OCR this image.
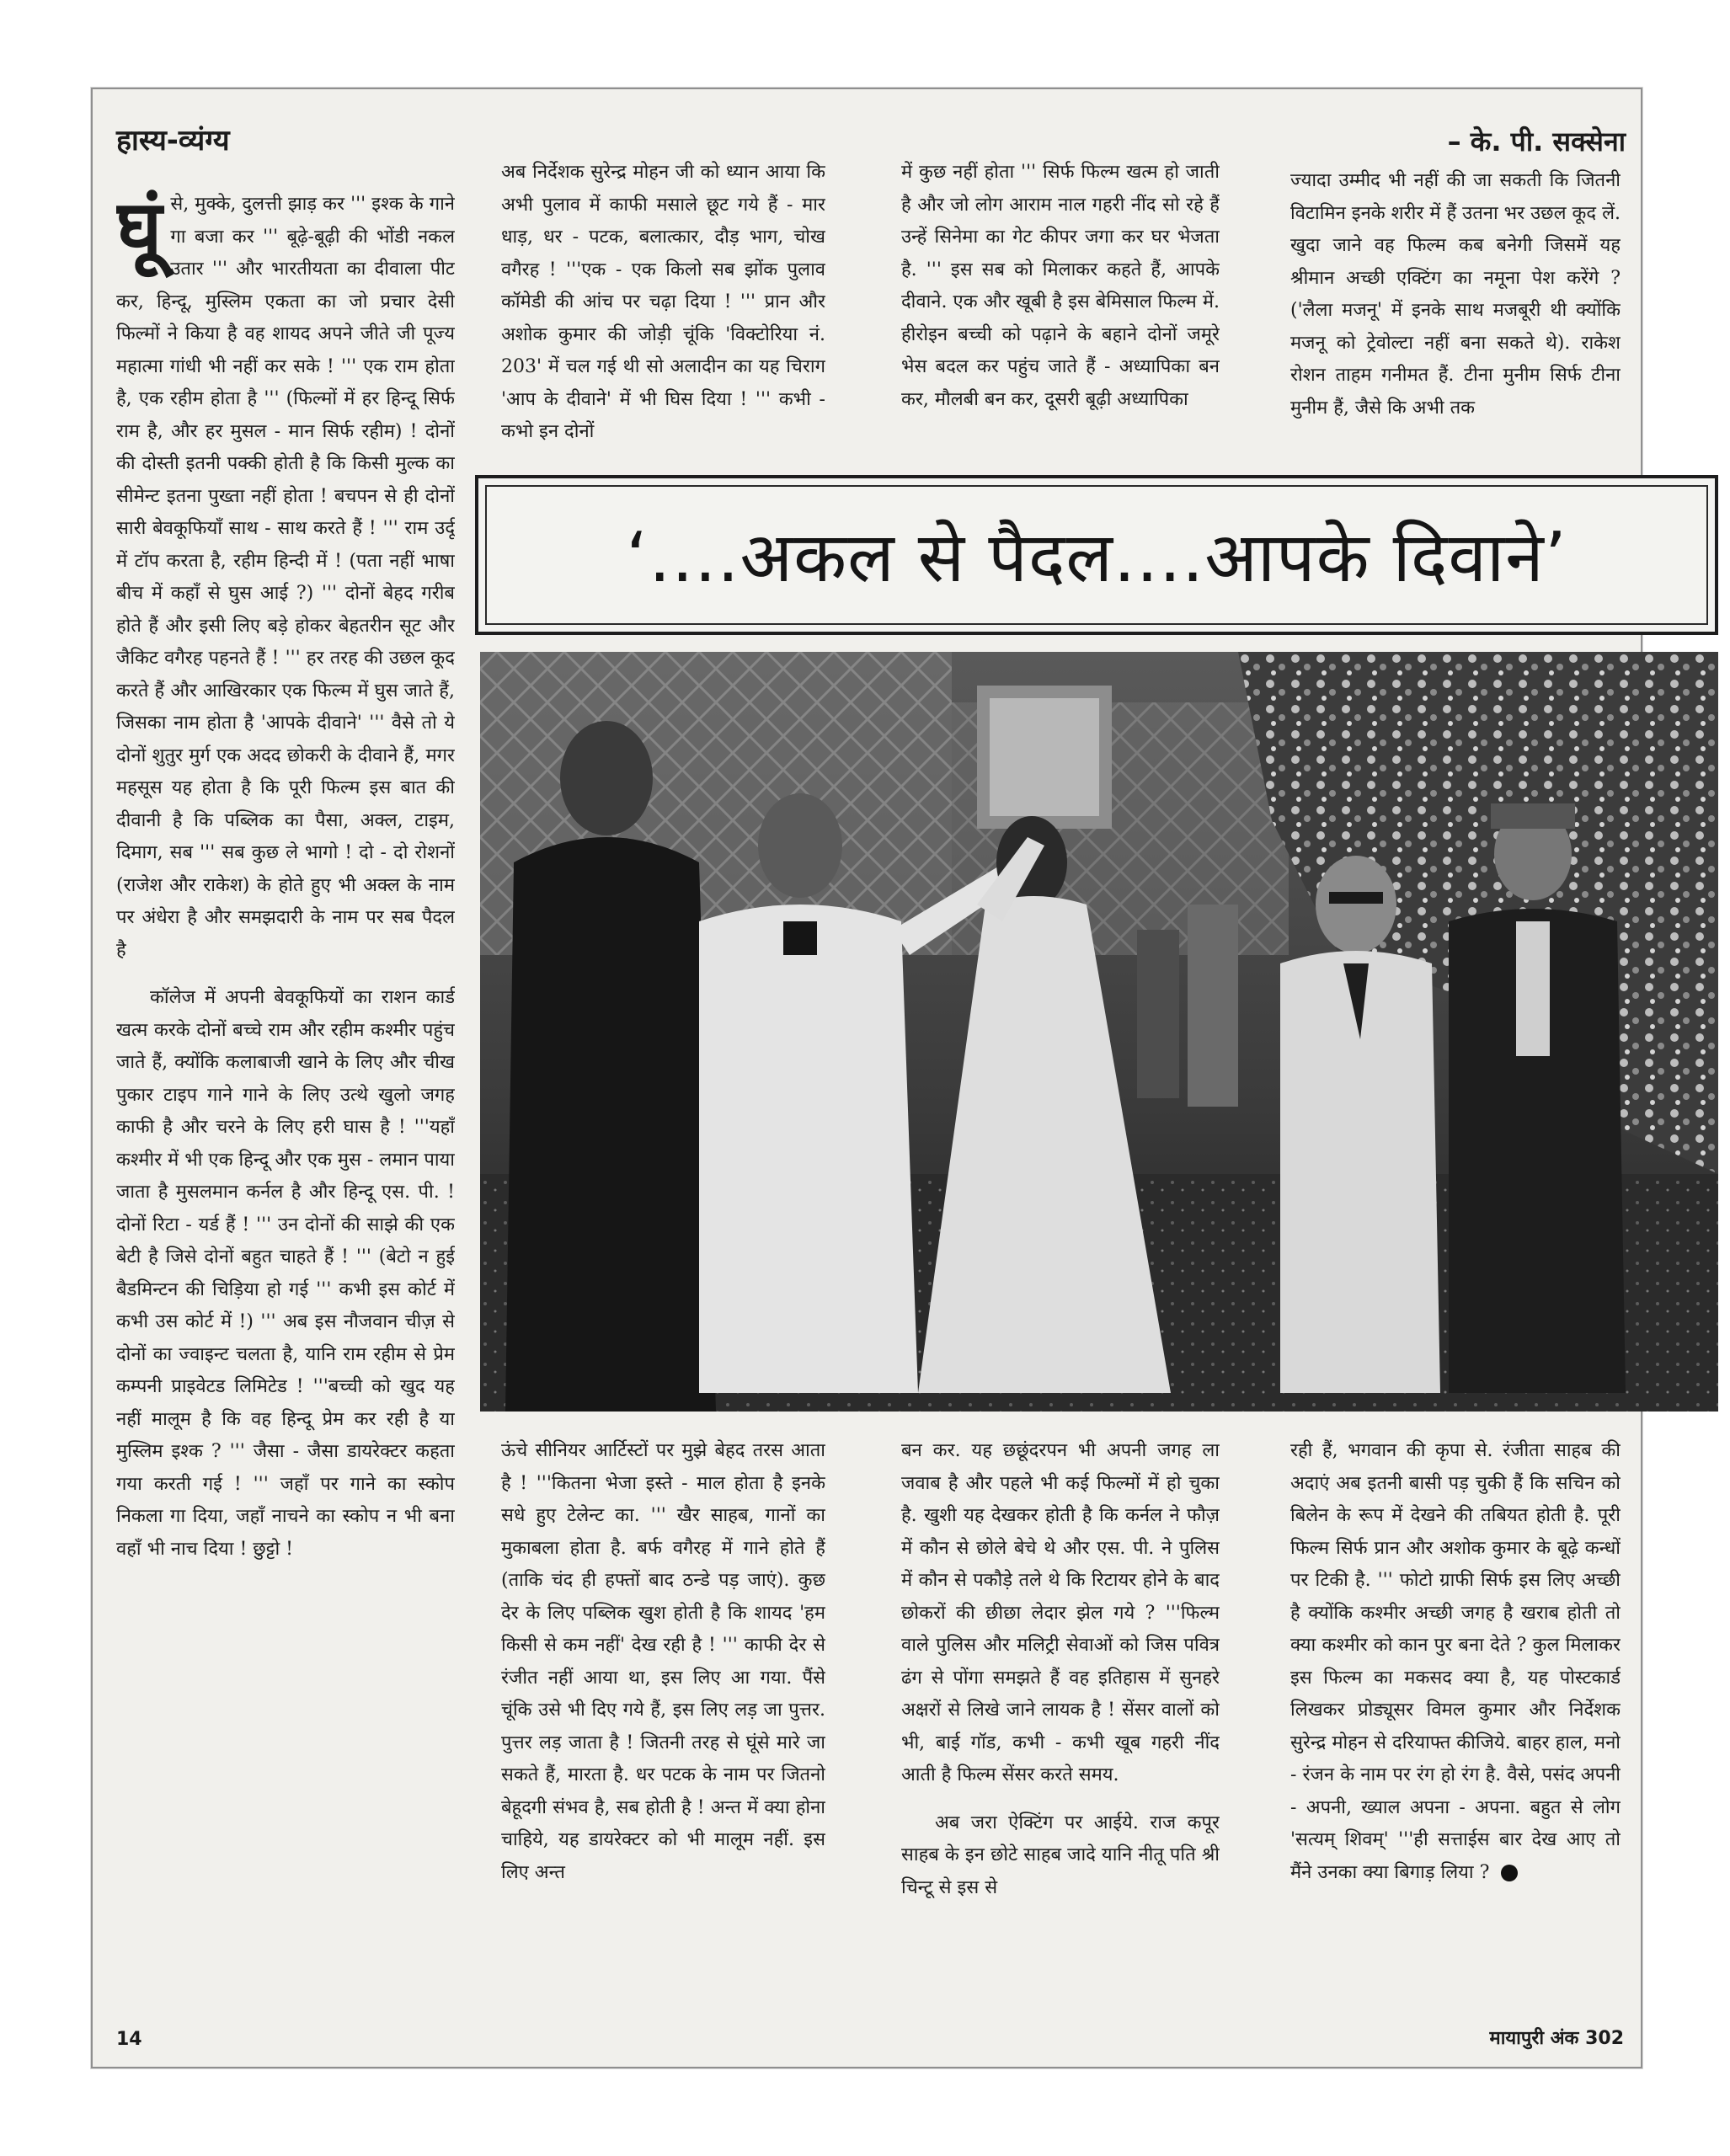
हास्य-व्यंग्य	– के. पी. सक्सेना

घूंसे, मुक्के, दुलत्ती झाड़ कर ''' इश्क के गाने गा बजा कर ''' बूढ़े-बूढ़ी की भोंडी नकल उतार ''' और भारतीयता का दीवाला पीट कर, हिन्दू, मुस्लिम एकता का जो प्रचार देसी फिल्मों ने किया है वह शायद अपने जीते जी पूज्य महात्मा गांधी भी नहीं कर सके ! ''' एक राम होता है, एक रहीम होता है ''' (फिल्मों में हर हिन्दू सिर्फ राम है, और हर मुसल - मान सिर्फ रहीम) ! दोनों की दोस्ती इतनी पक्की होती है कि किसी मुल्क का सीमेन्ट इतना पुख्ता नहीं होता ! बचपन से ही दोनों सारी बेवकूफियाँ साथ - साथ करते हैं ! ''' राम उर्दू में टॉप करता है, रहीम हिन्दी में ! (पता नहीं भाषा बीच में कहाँ से घुस आई ?) ''' दोनों बेहद गरीब होते हैं और इसी लिए बड़े होकर बेहतरीन सूट और जैकिट वगैरह पहनते हैं ! ''' हर तरह की उछल कूद करते हैं और आखिरकार एक फिल्म में घुस जाते हैं, जिसका नाम होता है 'आपके दीवाने' ''' वैसे तो ये दोनों शुतुर मुर्ग एक अदद छोकरी के दीवाने हैं, मगर महसूस यह होता है कि पूरी फिल्म इस बात की दीवानी है कि पब्लिक का पैसा, अक्ल, टाइम, दिमाग, सब ''' सब कुछ ले भागो ! दो - दो रोशनों (राजेश और राकेश) के होते हुए भी अक्ल के नाम पर अंधेरा है और समझदारी के नाम पर सब पैदल है

कॉलेज में अपनी बेवकूफियों का राशन कार्ड खत्म करके दोनों बच्चे राम और रहीम कश्मीर पहुंच जाते हैं, क्योंकि कलाबाजी खाने के लिए और चीख पुकार टाइप गाने गाने के लिए उत्थे खुलो जगह काफी है और चरने के लिए हरी घास है ! '''यहाँ कश्मीर में भी एक हिन्दू और एक मुस - लमान पाया जाता है मुसलमान कर्नल है और हिन्दू एस. पी. ! दोनों रिटा - यर्ड हैं ! ''' उन दोनों की साझे की एक बेटी है जिसे दोनों बहुत चाहते हैं ! ''' (बेटो न हुई बैडमिन्टन की चिड़िया हो गई ''' कभी इस कोर्ट में कभी उस कोर्ट में !) ''' अब इस नौजवान चीज़ से दोनों का ज्वाइन्ट चलता है, यानि राम रहीम से प्रेम कम्पनी प्राइवेटड लिमिटेड ! '''बच्ची को खुद यह नहीं मालूम है कि वह हिन्दू प्रेम कर रही है या मुस्लिम इश्क ? ''' जैसा - जैसा डायरेक्टर कहता गया करती गई ! ''' जहाँ पर गाने का स्कोप निकला गा दिया, जहाँ नाचने का स्कोप न भी बना वहाँ भी नाच दिया ! छुट्टो !

अब निर्देशक सुरेन्द्र मोहन जी को ध्यान आया कि अभी पुलाव में काफी मसाले छूट गये हैं - मार धाड़, धर - पटक, बलात्कार, दौड़ भाग, चोख वगैरह ! '''एक - एक किलो सब झोंक पुलाव कॉमेडी की आंच पर चढ़ा दिया ! ''' प्रान और अशोक कुमार की जोड़ी चूंकि 'विक्टोरिया नं. 203' में चल गई थी सो अलादीन का यह चिराग 'आप के दीवाने' में भी घिस दिया ! ''' कभी - कभो इन दोनों
में कुछ नहीं होता ''' सिर्फ फिल्म खत्म हो जाती है और जो लोग आराम नाल गहरी नींद सो रहे हैं उन्हें सिनेमा का गेट कीपर जगा कर घर भेजता है. ''' इस सब को मिलाकर कहते हैं, आपके दीवाने. एक और खूबी है इस बेमिसाल फिल्म में. हीरोइन बच्ची को पढ़ाने के बहाने दोनों जमूरे भेस बदल कर पहुंच जाते हैं - अध्यापिका बन कर, मौलबी बन कर, दूसरी बूढ़ी अध्यापिका
ज्यादा उम्मीद भी नहीं की जा सकती कि जितनी विटामिन इनके शरीर में हैं उतना भर उछल कूद लें. खुदा जाने वह फिल्म कब बनेगी जिसमें यह श्रीमान अच्छी एक्टिंग का नमूना पेश करेंगे ? ('लैला मजनू' में इनके साथ मजबूरी थी क्योंकि मजनू को ट्रेवोल्टा नहीं बना सकते थे). राकेश रोशन ताहम गनीमत हैं. टीना मुनीम सिर्फ टीना मुनीम हैं, जैसे कि अभी तक
‘....अकल से पैदल....आपके दिवाने’
ऊंचे सीनियर आर्टिस्टों पर मुझे बेहद तरस आता है ! '''कितना भेजा इस्ते - माल होता है इनके सधे हुए टेलेन्ट का. ''' खैर साहब, गानों का मुकाबला होता है. बर्फ वगैरह में गाने होते हैं (ताकि चंद ही हफ्तों बाद ठन्डे पड़ जाएं). कुछ देर के लिए पब्लिक खुश होती है कि शायद 'हम किसी से कम नहीं' देख रही है ! ''' काफी देर से रंजीत नहीं आया था, इस लिए आ गया. पैंसे चूंकि उसे भी दिए गये हैं, इस लिए लड़ जा पुत्तर. पुत्तर लड़ जाता है ! जितनी तरह से घूंसे मारे जा सकते हैं, मारता है. धर पटक के नाम पर जितनो बेहूदगी संभव है, सब होती है ! अन्त में क्या होना चाहिये, यह डायरेक्टर को भी मालूम नहीं. इस लिए अन्त

बन कर. यह छछूंदरपन भी अपनी जगह ला जवाब है और पहले भी कई फिल्मों में हो चुका है. खुशी यह देखकर होती है कि कर्नल ने फौज़ में कौन से छोले बेचे थे और एस. पी. ने पुलिस में कौन से पकौड़े तले थे कि रिटायर होने के बाद छोकरों की छीछा लेदार झेल गये ? '''फिल्म वाले पुलिस और मलिट्री सेवाओं को जिस पवित्र ढंग से पोंगा समझते हैं वह इतिहास में सुनहरे अक्षरों से लिखे जाने लायक है ! सेंसर वालों को भी, बाई गॉड, कभी - कभी खूब गहरी नींद आती है फिल्म सेंसर करते समय.

अब जरा ऐक्टिंग पर आईये. राज कपूर साहब के इन छोटे साहब जादे यानि नीतू पति श्री चिन्टू से इस से

रही हैं, भगवान की कृपा से. रंजीता साहब की अदाएं अब इतनी बासी पड़ चुकी हैं कि सचिन को बिलेन के रूप में देखने की तबियत होती है. पूरी फिल्म सिर्फ प्रान और अशोक कुमार के बूढ़े कन्धों पर टिकी है. ''' फोटो ग्राफी सिर्फ इस लिए अच्छी है क्योंकि कश्मीर अच्छी जगह है खराब होती तो क्या कश्मीर को कान पुर बना देते ? कुल मिलाकर इस फिल्म का मकसद क्या है, यह पोस्टकार्ड लिखकर प्रोड्यूसर विमल कुमार और निर्देशक सुरेन्द्र मोहन से दरियाफ्त कीजिये. बाहर हाल, मनो - रंजन के नाम पर रंग हो रंग है. वैसे, पसंद अपनी - अपनी, ख्याल अपना - अपना. बहुत से लोग 'सत्यम् शिवम्' '''ही सत्ताईस बार देख आए तो मैंने उनका क्या बिगाड़ लिया ?
14	मायापुरी अंक 302
